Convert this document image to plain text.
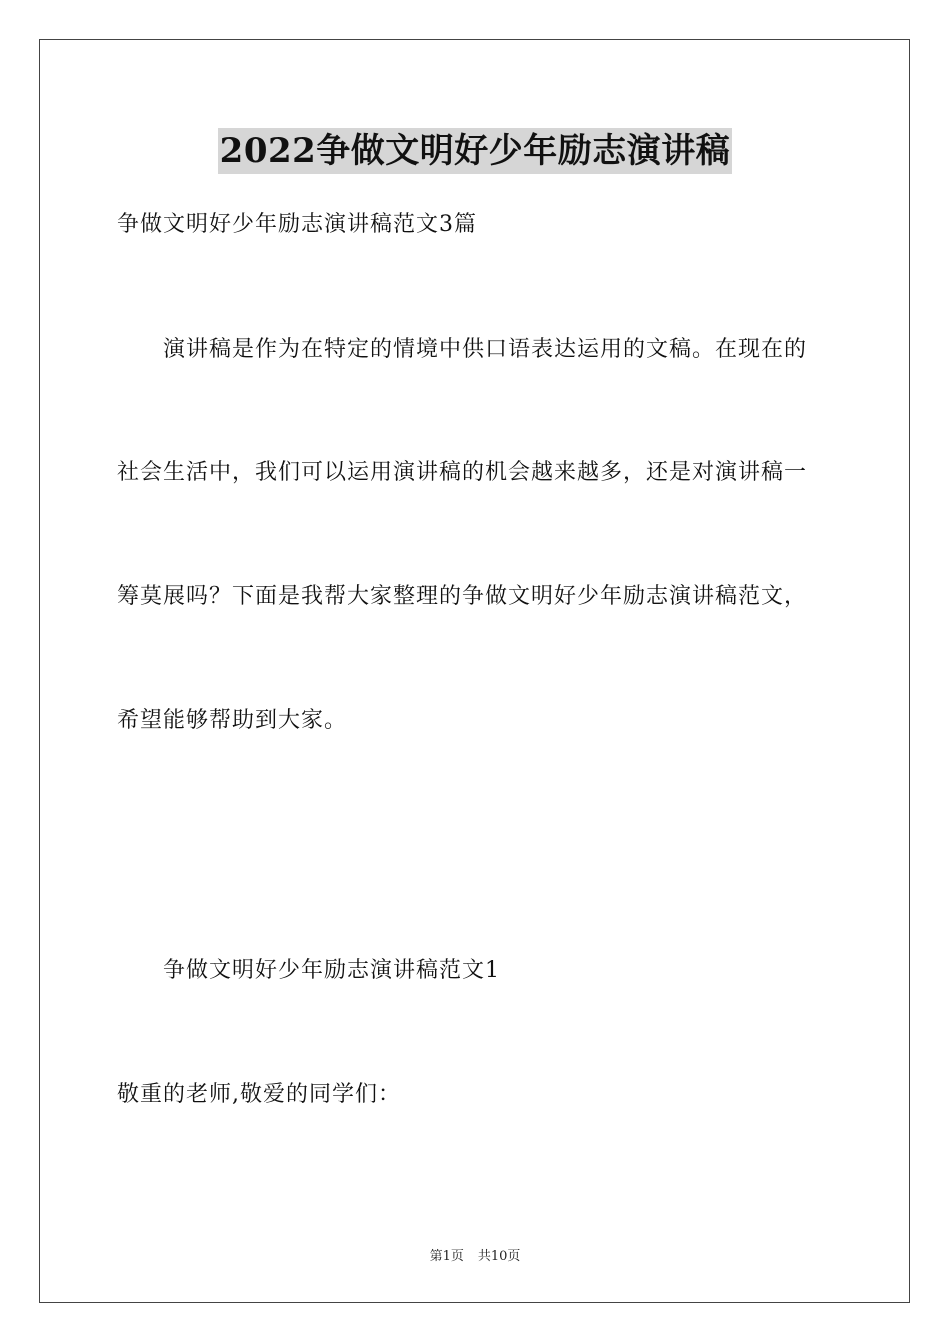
2022争做文明好少年励志演讲稿

争做文明好少年励志演讲稿范文3篇

演讲稿是作为在特定的情境中供口语表达运用的文稿。在现在的

社会生活中，我们可以运用演讲稿的机会越来越多，还是对演讲稿一

筹莫展吗？下面是我帮大家整理的争做文明好少年励志演讲稿范文，

希望能够帮助到大家。

争做文明好少年励志演讲稿范文1

敬重的老师,敬爱的同学们：

第1页 共10页
